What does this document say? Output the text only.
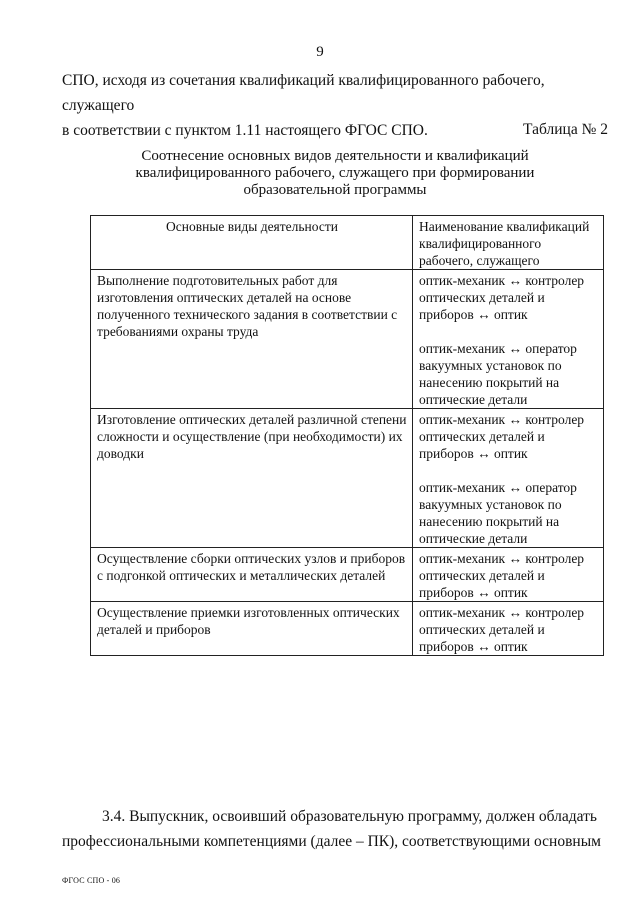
9
СПО, исходя из сочетания квалификаций квалифицированного рабочего, служащего
в соответствии с пунктом 1.11 настоящего ФГОС СПО.	Таблица № 2
Соотнесение основных видов деятельности и квалификаций
квалифицированного рабочего, служащего при формировании
образовательной программы
Основные виды деятельности	Наименование квалификаций квалифицированного рабочего, служащего
Выполнение подготовительных работ для изготовления оптических деталей на основе полученного технического задания в соответствии с требованиями охраны труда	оптик-механик ↔ контролер оптических деталей и приборов ↔ оптик
оптик-механик ↔ оператор вакуумных установок по нанесению покрытий на оптические детали

Изготовление оптических деталей различной степени сложности и осуществление (при необходимости) их доводки	оптик-механик ↔ контролер оптических деталей и приборов ↔ оптик
оптик-механик ↔ оператор вакуумных установок по нанесению покрытий на оптические детали

Осуществление сборки оптических узлов и приборов с подгонкой оптических и металлических деталей	оптик-механик ↔ контролер оптических деталей и приборов ↔ оптик

Осуществление приемки изготовленных оптических деталей и приборов	оптик-механик ↔ контролер оптических деталей и приборов ↔ оптик
3.4. Выпускник, освоивший образовательную программу, должен обладать
профессиональными компетенциями (далее – ПК), соответствующими основным
ФГОС СПО - 06
